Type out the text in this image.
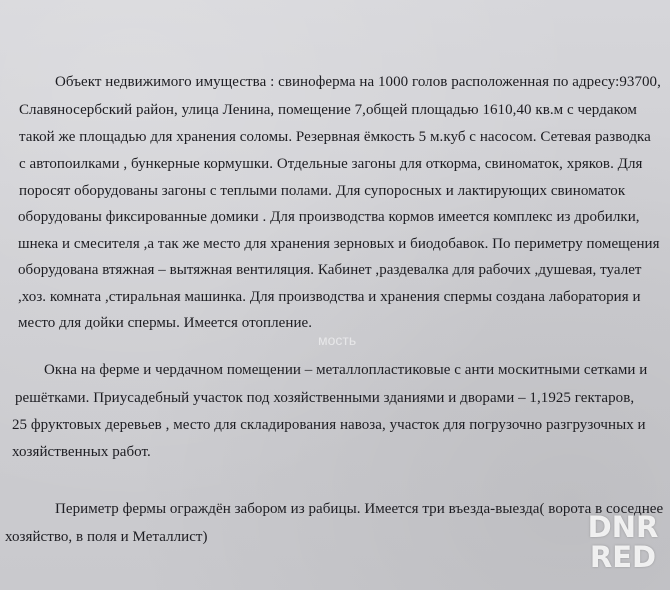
Объект недвижимого имущества : свиноферма на 1000 голов расположенная по адресу:93700,
Славяносербский район, улица Ленина, помещение 7,общей площадью 1610,40 кв.м с чердаком
такой же площадью для хранения соломы. Резервная ёмкость 5 м.куб с насосом. Сетевая разводка
с автопоилками , бункерные кормушки. Отдельные загоны для откорма, свиноматок, хряков. Для
поросят оборудованы загоны с теплыми полами. Для супоросных и лактирующих свиноматок
оборудованы фиксированные домики . Для производства кормов имеется комплекс из дробилки,
шнека и смесителя ,а так же место для хранения зерновых и биодобавок. По периметру помещения
оборудована втяжная – вытяжная вентиляция. Кабинет ,раздевалка для рабочих ,душевая, туалет
,хоз. комната ,стиральная машинка. Для производства и хранения спермы создана лаборатория и
место для дойки спермы. Имеется отопление.
Окна на ферме и чердачном помещении – металлопластиковые с анти москитными сетками и
решётками. Приусадебный участок под хозяйственными зданиями и дворами – 1,1925 гектаров,
25 фруктовых деревьев , место для складирования навоза, участок для погрузочно разгрузочных и
хозяйственных работ.
Периметр фермы ограждён забором из рабицы. Имеется три въезда-выезда( ворота в соседнее
хозяйство, в поля и Металлист)
мость
DNR
RED
